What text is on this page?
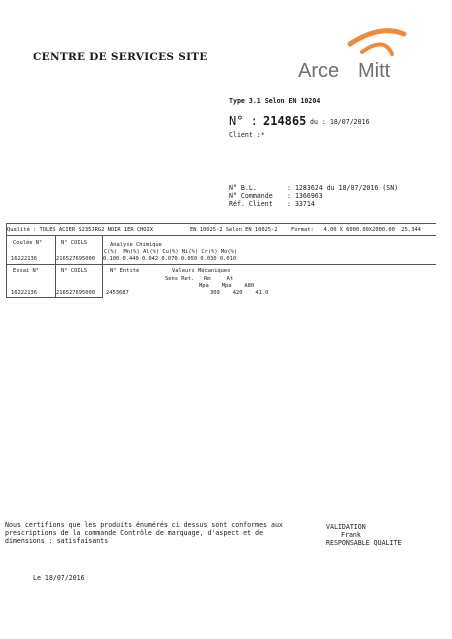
CENTRE DE SERVICES SITE
Arce Mitt
Type 3.1 Selon EN 10204
N° : 214865 du : 18/07/2016
Client :*
N° B.L.	: 1283624 du 18/07/2016 (SN)
N° Commande : 1366963
Réf. Client : 33714
Qualité : TOLES ACIER S235JRG2 NOIR 1ER CHOIX	EN 10025-2 Selon EN 10025-2 Format:   4.00 X 6000.00X2000.00  25.344
Coulée N°	N° COILS	Analyse Chimique
C(%)  Mn(%) Al(%) Cu(%) Ni(%) Cr(%) Mo(%)
16222136	216527695000 0.100 0.440 0.042 0.070 0.050 0.030 0.010
Essai N°	N° COILS	N° Entité	Valeurs Mécaniques
Sens Ret.   Rm     At
Mpa    Mpa    A80
16222136	216527695000 2453687	309    420    41.0
Nous certifions que les produits énumérés ci dessus sont conformes aux
prescriptions de la commande Contrôle de marquage, d'aspect et de
dimensions : satisfaisants
VALIDATION
Frank
RESPONSABLE QUALITE
Le 18/07/2016
